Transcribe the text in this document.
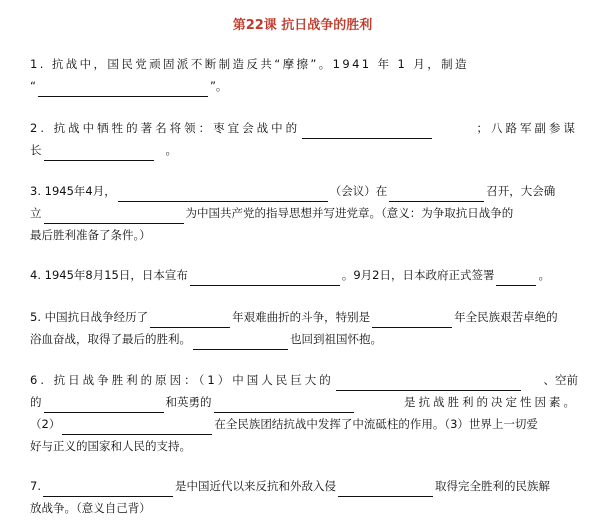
第22课 抗日战争的胜利
1. 抗战中，国民党顽固派不断制造反共“摩擦”。1941 年 1 月，制造
“	”。
2. 抗战中牺牲的著名将领：枣宜会战中的	；八路军副参谋
长	。
3. 1945年4月，	（会议）在	召开，大会确
立	为中国共产党的指导思想并写进党章。（意义：为争取抗日战争的
最后胜利准备了条件。）
4. 1945年8月15日，日本宣布	。9月2日，日本政府正式签署	。
5. 中国抗日战争经历了	年艰难曲折的斗争，特别是	年全民族艰苦卓绝的
浴血奋战，取得了最后的胜利。	也回到祖国怀抱。
6. 抗日战争胜利的原因：（1）中国人民巨大的	、空前
的	和英勇的	是抗战胜利的决定性因素。
（2）	在全民族团结抗战中发挥了中流砥柱的作用。（3）世界上一切爱
好与正义的国家和人民的支持。
7.	是中国近代以来反抗和外敌入侵	取得完全胜利的民族解
放战争。（意义自己背）
